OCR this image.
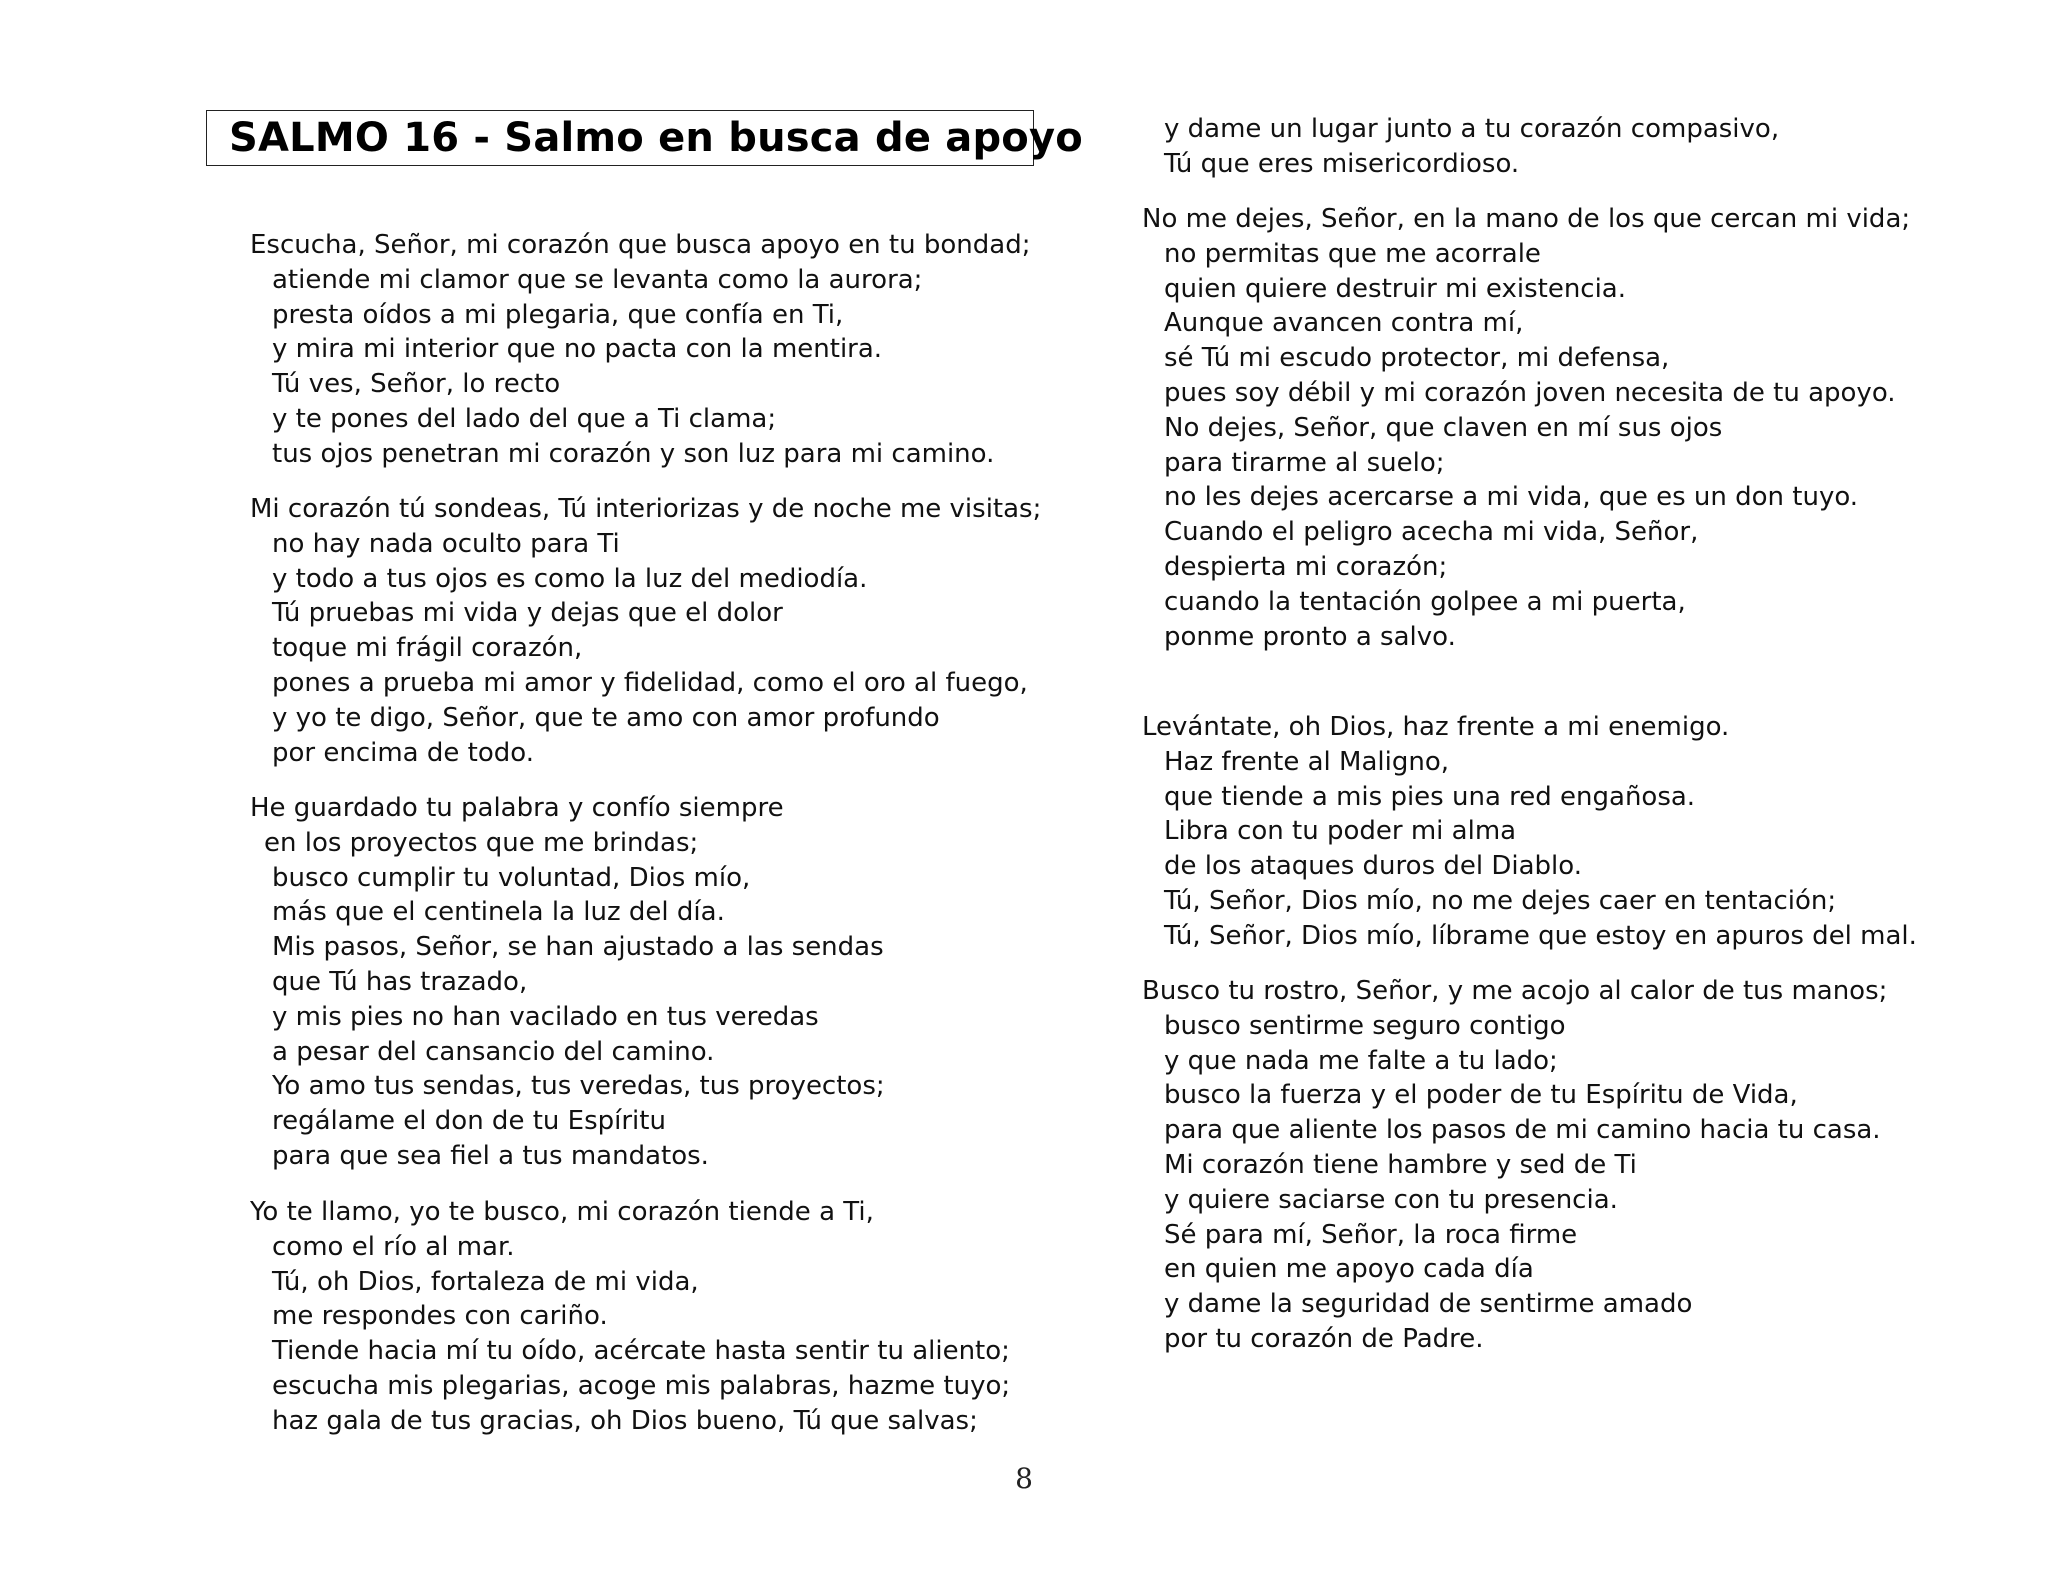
SALMO 16 - Salmo en busca de apoyo
Escucha, Señor, mi corazón que busca apoyo en tu bondad;
atiende mi clamor que se levanta como la aurora;
presta oídos a mi plegaria, que confía en Ti,
y mira mi interior que no pacta con la mentira.
Tú ves, Señor, lo recto
y te pones del lado del que a Ti clama;
tus ojos penetran mi corazón y son luz para mi camino.
Mi corazón tú sondeas, Tú interiorizas y de noche me visitas;
no hay nada oculto para Ti
y todo a tus ojos es como la luz del mediodía.
Tú pruebas mi vida y dejas que el dolor
toque mi frágil corazón,
pones a prueba mi amor y fidelidad, como el oro al fuego,
y yo te digo, Señor, que te amo con amor profundo
por encima de todo.
He guardado tu palabra y confío siempre
en los proyectos que me brindas;
busco cumplir tu voluntad, Dios mío,
más que el centinela la luz del día.
Mis pasos, Señor, se han ajustado a las sendas
que Tú has trazado,
y mis pies no han vacilado en tus veredas
a pesar del cansancio del camino.
Yo amo tus sendas, tus veredas, tus proyectos;
regálame el don de tu Espíritu
para que sea fiel a tus mandatos.
Yo te llamo, yo te busco, mi corazón tiende a Ti,
como el río al mar.
Tú, oh Dios, fortaleza de mi vida,
me respondes con cariño.
Tiende hacia mí tu oído, acércate hasta sentir tu aliento;
escucha mis plegarias, acoge mis palabras, hazme tuyo;
haz gala de tus gracias, oh Dios bueno, Tú que salvas;
y dame un lugar junto a tu corazón compasivo,
Tú que eres misericordioso.
No me dejes, Señor, en la mano de los que cercan mi vida;
no permitas que me acorrale
quien quiere destruir mi existencia.
Aunque avancen contra mí,
sé Tú mi escudo protector, mi defensa,
pues soy débil y mi corazón joven necesita de tu apoyo.
No dejes, Señor, que claven en mí sus ojos
para tirarme al suelo;
no les dejes acercarse a mi vida, que es un don tuyo.
Cuando el peligro acecha mi vida, Señor,
despierta mi corazón;
cuando la tentación golpee a mi puerta,
ponme pronto a salvo.
Levántate, oh Dios, haz frente a mi enemigo.
Haz frente al Maligno,
que tiende a mis pies una red engañosa.
Libra con tu poder mi alma
de los ataques duros del Diablo.
Tú, Señor, Dios mío, no me dejes caer en tentación;
Tú, Señor, Dios mío, líbrame que estoy en apuros del mal.
Busco tu rostro, Señor, y me acojo al calor de tus manos;
busco sentirme seguro contigo
y que nada me falte a tu lado;
busco la fuerza y el poder de tu Espíritu de Vida,
para que aliente los pasos de mi camino hacia tu casa.
Mi corazón tiene hambre y sed de Ti
y quiere saciarse con tu presencia.
Sé para mí, Señor, la roca firme
en quien me apoyo cada día
y dame la seguridad de sentirme amado
por tu corazón de Padre.
8
